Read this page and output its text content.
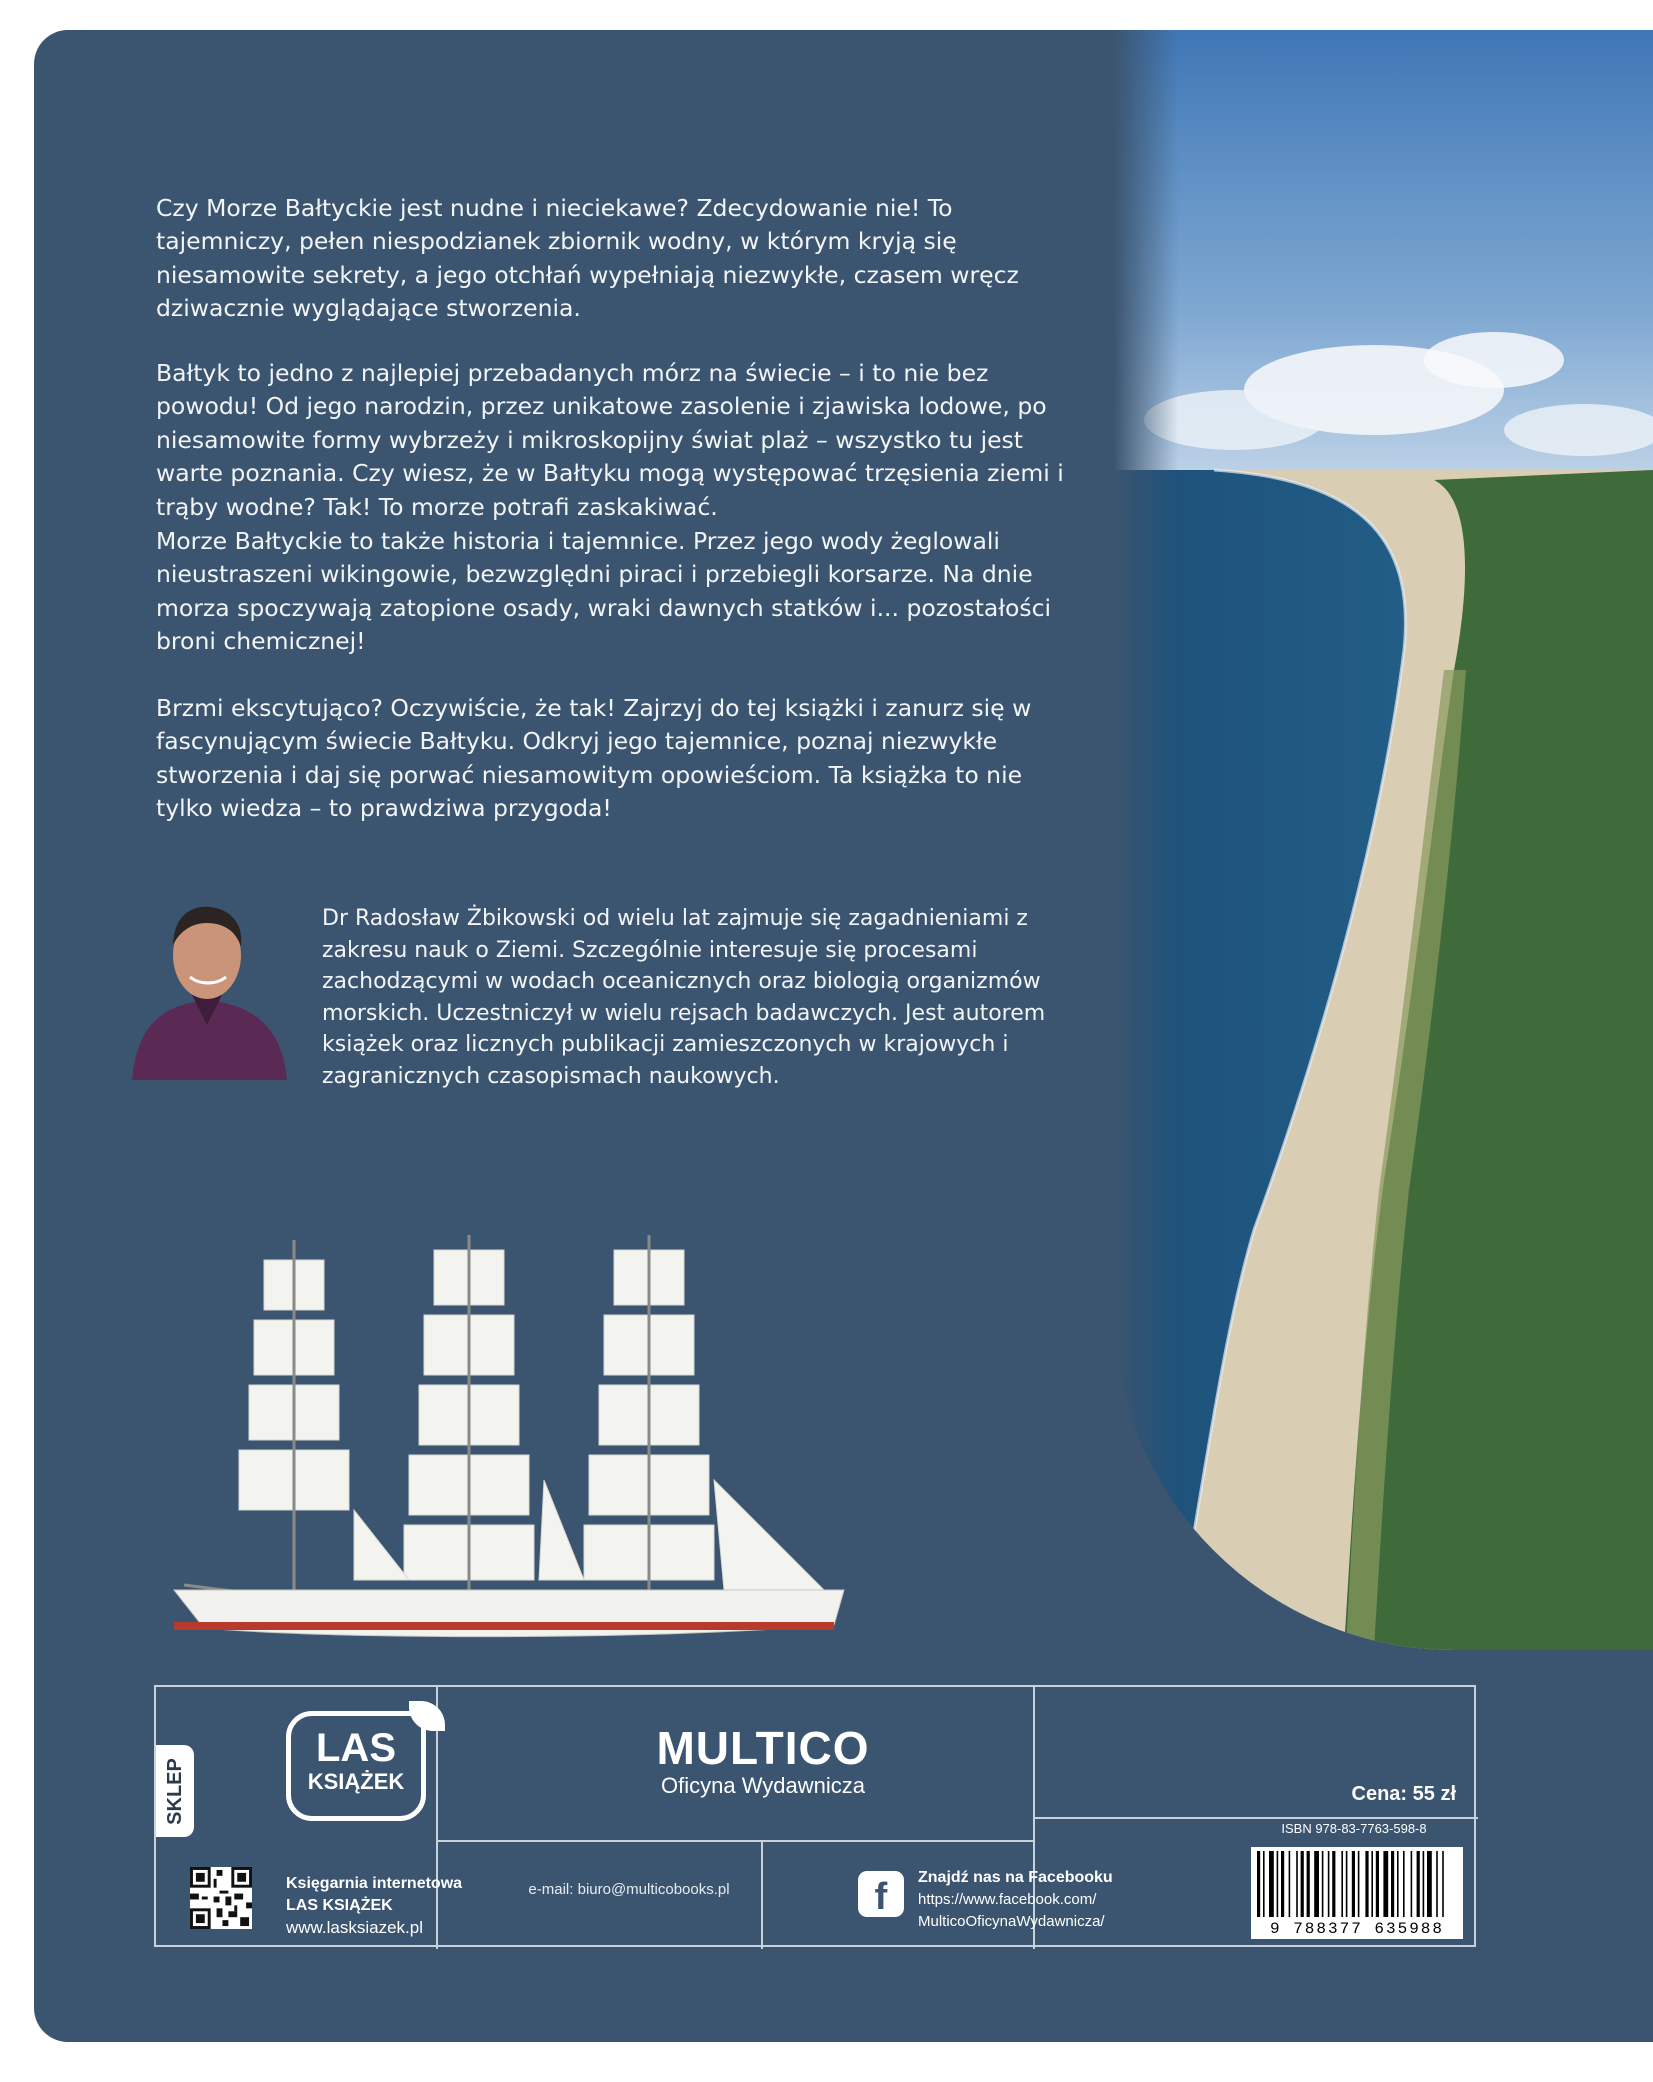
Czy Morze Bałtyckie jest nudne i nieciekawe? Zdecydowanie nie! To tajemniczy, pełen niespodzianek zbiornik wodny, w którym kryją się niesamowite sekrety, a jego otchłań wypełniają niezwykłe, czasem wręcz dziwacznie wyglądające stworzenia.

Bałtyk to jedno z najlepiej przebadanych mórz na świecie – i to nie bez powodu! Od jego narodzin, przez unikatowe zasolenie i zjawiska lodowe, po niesamowite formy wybrzeży i mikroskopijny świat plaż – wszystko tu jest warte poznania. Czy wiesz, że w Bałtyku mogą występować trzęsienia ziemi i trąby wodne? Tak! To morze potrafi zaskakiwać.

Morze Bałtyckie to także historia i tajemnice. Przez jego wody żeglowali nieustraszeni wikingowie, bezwzględni piraci i przebiegli korsarze. Na dnie morza spoczywają zatopione osady, wraki dawnych statków i... pozostałości broni chemicznej!

Brzmi ekscytująco? Oczywiście, że tak! Zajrzyj do tej książki i zanurz się w fascynującym świecie Bałtyku. Odkryj jego tajemnice, poznaj niezwykłe stworzenia i daj się porwać niesamowitym opowieściom. Ta książka to nie tylko wiedza – to prawdziwa przygoda!

Dr Radosław Żbikowski od wielu lat zajmuje się zagadnieniami z zakresu nauk o Ziemi. Szczególnie interesuje się procesami zachodzącymi w wodach oceanicznych oraz biologią organizmów morskich. Uczestniczył w wielu rejsach badawczych. Jest autorem książek oraz licznych publikacji zamieszczonych w krajowych i zagranicznych czasopismach naukowych.
SKLEP
LAS
KSIĄŻEK
Księgarnia internetowa
LAS KSIĄŻEK
www.lasksiazek.pl
MULTICO
Oficyna Wydawnicza
e-mail: biuro@multicobooks.pl	f	Znajdź nas na Facebooku
https://www.facebook.com/
MulticoOficynaWydawnicza/
Cena: 55 zł
ISBN 978-83-7763-598-8
9 788377 635988
